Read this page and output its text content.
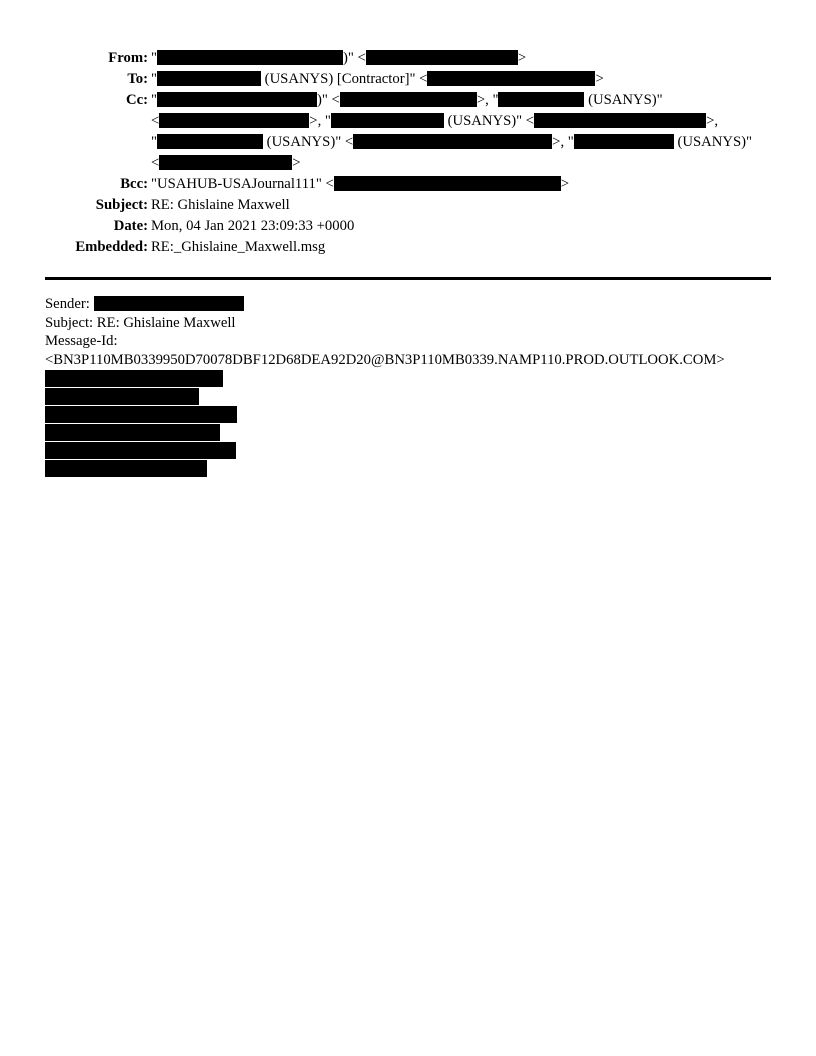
From: "	)" <	>
To: "	(USANYS) [Contractor]" <	>
Cc: "	)" <	>, "	(USANYS)"
<	>, "	(USANYS)" <	>,
"	(USANYS)" <	>, "	(USANYS)"
<	>
Bcc: "USAHUB-USAJournal111" <	>
Subject: RE: Ghislaine Maxwell
Date: Mon, 04 Jan 2021 23:09:33 +0000
Embedded: RE:_Ghislaine_Maxwell.msg
Sender:
Subject: RE: Ghislaine Maxwell
Message-Id:
<BN3P110MB0339950D70078DBF12D68DEA92D20@BN3P110MB0339.NAMP110.PROD.OUTLOOK.COM>
